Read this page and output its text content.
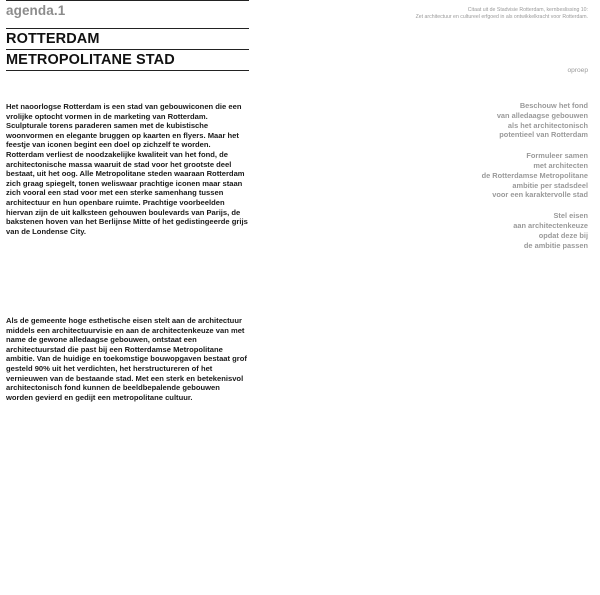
agenda.1
ROTTERDAM
METROPOLITANE STAD
Citaat uit de Stadvisie Rotterdam, kernbeslissing 10:
Zet architectuur en cultureel erfgoed in als ontwikkelkracht voor Rotterdam.
oproep

Het naoorlogse Rotterdam is een stad van gebouwiconen die een vrolijke optocht vormen in de marketing van Rotterdam. Sculpturale torens paraderen samen met de kubistische woonvormen en elegante bruggen op kaarten en flyers. Maar het feestje van iconen begint een doel op zichzelf te worden. Rotterdam verliest de noodzakelijke kwaliteit van het fond, de architectonische massa waaruit de stad voor het grootste deel bestaat, uit het oog. Alle Metropolitane steden waaraan Rotterdam zich graag spiegelt, tonen weliswaar prachtige iconen maar staan zich vooral een stad voor met een sterke samenhang tussen architectuur en hun openbare ruimte. Prachtige voorbeelden hiervan zijn de uit kalksteen gehouwen boulevards van Parijs, de bakstenen hoven van het Berlijnse Mitte of het gedistingeerde grijs van de Londense City.

Als de gemeente hoge esthetische eisen stelt aan de architectuur middels een architectuurvisie en aan de architectenkeuze van met name de gewone alledaagse gebouwen, ontstaat een architectuurstad die past bij een Rotterdamse Metropolitane ambitie. Van de huidige en toekomstige bouwopgaven bestaat grof gesteld 90% uit het verdichten, het herstructureren of het vernieuwen van de bestaande stad. Met een sterk en betekenisvol architectonisch fond kunnen de beeldbepalende gebouwen worden gevierd en gedijt een metropolitane cultuur.

Beschouw het fond
van alledaagse gebouwen
als het architectonisch
potentieel van Rotterdam
Formuleer samen
met architecten
de Rotterdamse Metropolitane
ambitie per stadsdeel
voor een karaktervolle stad
Stel eisen
aan architectenkeuze
opdat deze bij
de ambitie passen
